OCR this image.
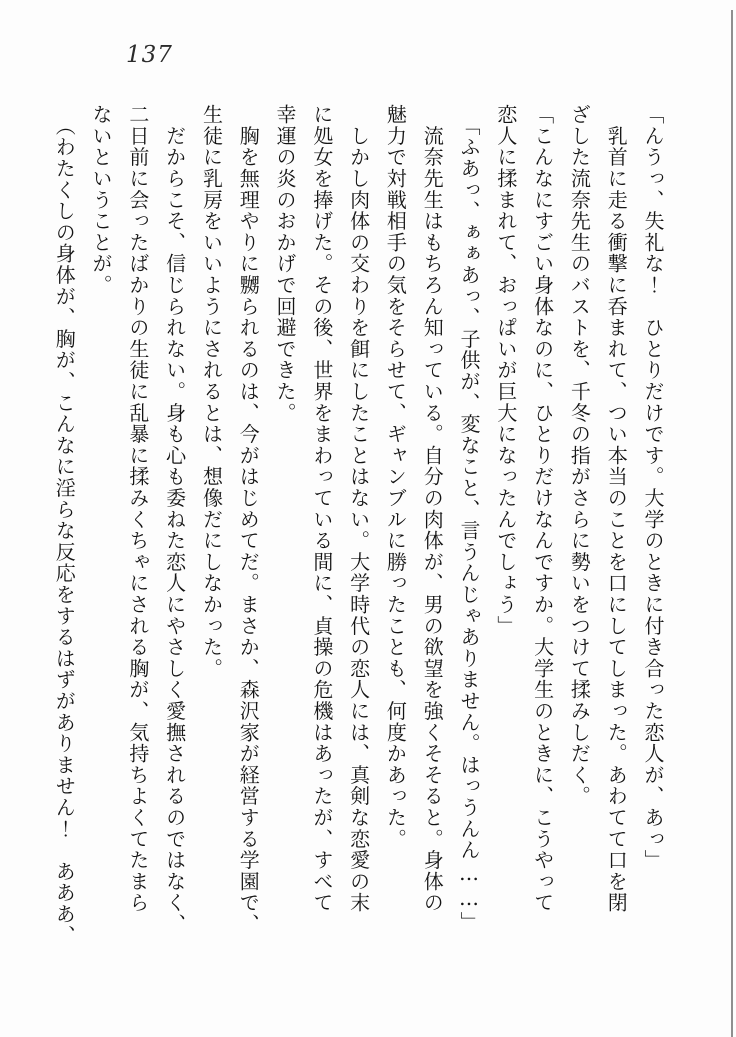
137
「んうっ、失礼な！　ひとりだけです。大学のときに付き合った恋人が、あっ」
　乳首に走る衝撃に呑まれて、つい本当のことを口にしてしまった。あわてて口を閉
ざした流奈先生のバストを、千冬の指がさらに勢いをつけて揉みしだく。
「こんなにすごい身体なのに、ひとりだけなんですか。大学生のときに、こうやって
恋人に揉まれて、おっぱいが巨大になったんでしょう」
　「ふあっ、ぁぁあっ、子供が、変なこと、言うんじゃありません。はっうんん……」
　流奈先生はもちろん知っている。自分の肉体が、男の欲望を強くそそると。身体の
魅力で対戦相手の気をそらせて、ギャンブルに勝ったことも、何度かあった。
　しかし肉体の交わりを餌にしたことはない。大学時代の恋人には、真剣な恋愛の末
に処女を捧げた。その後、世界をまわっている間に、貞操の危機はあったが、すべて
幸運の炎のおかげで回避できた。
　胸を無理やりに嬲られるのは、今がはじめてだ。まさか、森沢家が経営する学園で、
生徒に乳房をいいようにされるとは、想像だにしなかった。
　だからこそ、信じられない。身も心も委ねた恋人にやさしく愛撫されるのではなく、
二日前に会ったばかりの生徒に乱暴に揉みくちゃにされる胸が、気持ちよくてたまら
ないということが。
　（わたくしの身体が、胸が、こんなに淫らな反応をするはずがありません！　あああ、
